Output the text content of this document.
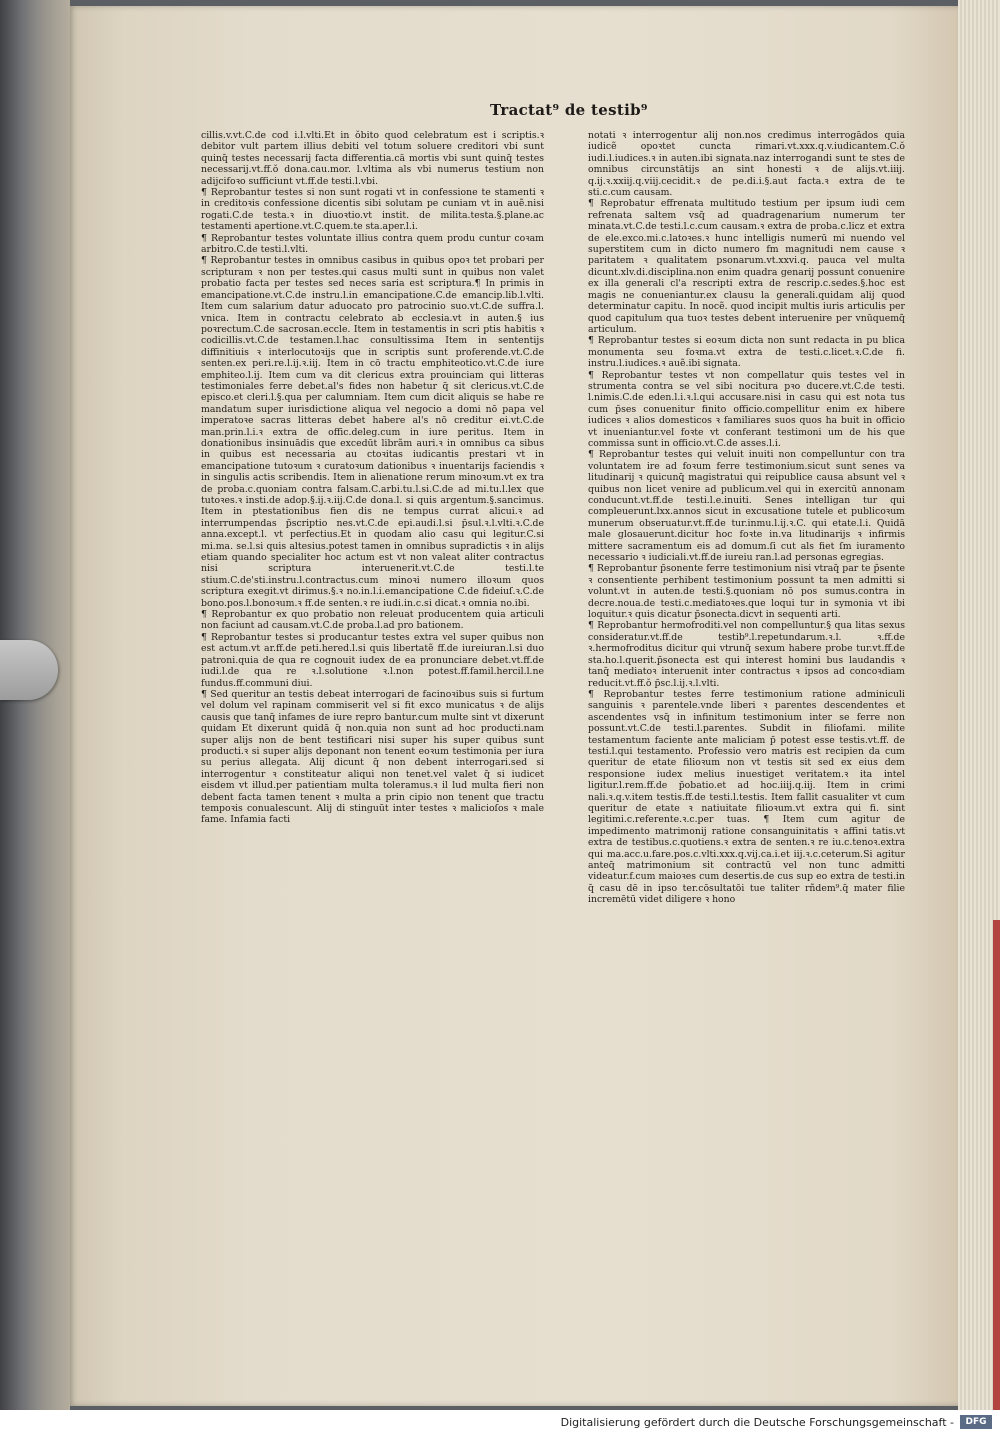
Tractat⁹ de testib⁹

cillis.v.vt.C.de cod i.l.vlti.Et in ŏbito quod celebratum est i scriptis.ꝛ debitor vult partem illius debiti vel totum soluere creditori vbi sunt quinq̄ testes necessarij facta differentia.cā mortis vbi sunt quinq̄ testes necessarij.vt.ff.ŏ dona.cau.mor. l.vltima als vbi numerus testium non adijcifoꝛo sufficiunt vt.ff.de testi.l.vbi.

¶ Reprobantur testes si non sunt rogati vt in confessione te stamenti ꝛ in creditoꝛis confessione dicentis sibi solutam pe cuniam vt in auẽ.nisi rogati.C.de testa.ꝛ in diuoꝛtio.vt instit. de milita.testa.§.plane.ac testamenti apertione.vt.C.quem.te sta.aper.l.i.

¶ Reprobantur testes voluntate illius contra quem produ cuntur coꝛam arbitro.C.de testi.l.vlti.

¶ Reprobantur testes in omnibus casibus in quibus opoꝛ tet probari per scripturam ꝛ non per testes.qui casus multi sunt in quibus non valet probatio facta per testes sed neces saria est scriptura.¶ In primis in emancipatione.vt.C.de instru.l.in emancipatione.C.de emancip.lib.l.vlti. Item cum salarium datur aduocato pro patrocinio suo.vt.C.de suffra.l. vnica. Item in contractu celebrato ab ecclesia.vt in auten.§ ius poꝛrectum.C.de sacrosan.eccle. Item in testamentis in scri ptis habitis ꝛ codicillis.vt.C.de testamen.l.hac consultissima Item in sententijs diffinitiuis ꝛ interlocutoꝛijs que in scriptis sunt proferende.vt.C.de senten.ex peri.re.l.ij.ꝛ.iij. Item in cō tractu emphiteotico.vt.C.de iure emphiteo.l.ij. Item cum va dit clericus extra prouinciam qui litteras testimoniales ferre debet.al's fides non habetur q̄ sit clericus.vt.C.de episco.et cleri.l.§.qua per calumniam. Item cum dicit aliquis se habe re mandatum super iurisdictione aliqua vel negocio a domi nō papa vel imperatoꝛe sacras litteras debet habere al's nō creditur ei.vt.C.de man.prin.l.i.ꝛ extra de offic.deleg.cum in iure peritus. Item in donationibus insinuādis que excedūt librãm auri.ꝛ in omnibus ca sibus in quibus est necessaria au ctoꝛitas iudicantis prestari vt in emancipatione tutoꝛum ꝛ curatoꝛum dationibus ꝛ inuentarijs faciendis ꝛ in singulis actis scribendis. Item in alienatione rerum minoꝛum.vt ex tra de proba.c.quoniam contra falsam.C.arbi.tu.l.si.C.de ad mi.tu.l.lex que tutoꝛes.ꝛ insti.de adop.§.ij.ꝛ.iij.C.de dona.l. si quis argentum.§.sancimus. Item in ptestationibus fien dis ne tempus currat alicui.ꝛ ad interrumpendas p̄scriptio nes.vt.C.de epi.audi.l.si p̄sul.ꝛ.l.vlti.ꝛ.C.de anna.except.l. vt perfectius.Et in quodam alio casu qui legitur.C.si mi.ma. se.l.si quis altesius.potest tamen in omnibus supradictis ꝛ in alijs etiam quando specialiter hoc actum est vt non valeat aliter contractus nisi scriptura interuenerit.vt.C.de testi.l.te stium.C.de'sti.instru.l.contractus.cum minoꝛi numero illoꝛum quos scriptura exegit.vt dirimus.§.ꝛ no.in.l.i.emancipatione C.de fideiuſ.ꝛ.C.de bono.pos.l.bonoꝛum.ꝛ ff.de senten.ꝛ re iudi.in.c.si dicat.ꝛ omnia no.ibi.

¶ Reprobantur ex quo probatio non releuat producentem quia articuli non faciunt ad causam.vt.C.de proba.l.ad pro bationem.

¶ Reprobantur testes si producantur testes extra vel super quibus non est actum.vt ar.ff.de peti.hered.l.si quis libertatẽ ff.de iureiuran.l.si duo patroni.quia de qua re cognouit iudex de ea pronunciare debet.vt.ff.de iudi.l.de qua re ꝛ.l.solutione ꝛ.l.non potest.ff.famil.hercil.l.ne fundus.ff.communi diui.

¶ Sed queritur an testis debeat interrogari de facinoꝛibus suis si furtum vel dolum vel rapinam commiserit vel si fit exco municatus ꝛ de alijs causis que tanq̄ infames de iure repro bantur.cum multe sint vt dixerunt quidam Et dixerunt quidā q̄ non.quia non sunt ad hoc producti.nam super alijs non de bent testificari nisi super his super quibus sunt producti.ꝛ si super alijs deponant non tenent eoꝛum testimonia per iura su perius allegata. Alij dicunt q̄ non debent interrogari.sed si interrogentur ꝛ constiteatur aliqui non tenet.vel valet q̄ si iudicet eisdem vt illud.per patientiam multa toleramus.ꝛ il lud multa fieri non debent facta tamen tenent ꝛ multa a prin cipio non tenent que tractu tempoꝛis conualescunt. Alij di stinguūt inter testes ꝛ malicioſos ꝛ male fame. Infamia facti

notati ꝛ interrogentur alij non.nos credimus interrogādos quia iudicẽ opoꝛtet cuncta rimari.vt.xxx.q.v.iudicantem.C.ŏ iudi.l.iudices.ꝛ in auten.ibi signata.naz interrogandi sunt te stes de omnibus circunstātijs an sint honesti ꝛ de alijs.vt.iiij. q.ij.ꝛ.xxiij.q.viij.cecidit.ꝛ de pe.di.i.§.aut facta.ꝛ extra de te sti.c.cum causam.

¶ Reprobatur effrenata multitudo testium per ipsum iudi cem refrenata saltem vsq̄ ad quadragenarium numerum ter minata.vt.C.de testi.l.c.cum causam.ꝛ extra de proba.c.licz et extra de ele.exco.mi.c.latoꝛes.ꝛ hunc intelligis numerū mi nuendo vel superstitem cum in dicto numero fm magnitudi nem cause ꝛ paritatem ꝛ qualitatem psonarum.vt.xxvi.q. pauca vel multa dicunt.xlv.di.disciplina.non enim quadra genarij possunt conuenire ex illa generali cl'a rescripti extra de rescrip.c.sedes.§.hoc est magis ne conueniantur.ex clausu la generali.quidam alij quod determinatur capitu. In nocẽ. quod incipit multis iuris articulis per quod capitulum qua tuoꝛ testes debent interuenire per vnūquemq̄ articulum.

¶ Reprobantur testes si eoꝛum dicta non sunt redacta in pu blica monumenta seu foꝛma.vt extra de testi.c.licet.ꝛ.C.de fi. instru.l.iudices.ꝛ auẽ.ibi signata.

¶ Reprobantur testes vt non compellatur quis testes vel in strumenta contra se vel sibi nocitura pꝛo ducere.vt.C.de testi. l.nimis.C.de eden.l.i.ꝛ.l.qui accusare.nisi in casu qui est nota tus cum p̄ses conuenitur finito officio.compellitur enim ex hibere iudices ꝛ alios domesticos ꝛ familiares suos quos ha buit in officio vt inueniantur.vel foꝛte vt conferant testimoni um de his que commissa sunt in officio.vt.C.de asses.l.i.

¶ Reprobantur testes qui veluit inuiti non compelluntur con tra voluntatem ire ad foꝛum ferre testimonium.sicut sunt senes va litudinarij ꝛ quicunq̄ magistratui qui reipublice causa absunt vel ꝛ quibus non licet venire ad publicum.vel qui in exercitū annonam conducunt.vt.ff.de testi.l.e.inuiti. Senes intelligan tur qui compleuerunt.lxx.annos sicut in excusatione tutele et publicoꝛum munerum obseruatur.vt.ff.de tur.inmu.l.ij.ꝛ.C. qui etate.l.i. Quidā male glosauerunt.dicitur hoc foꝛte in.va litudinarijs ꝛ infirmis mittere sacramentum eis ad domum.ſi cut als fiet ſm iuramento necessario ꝛ iudiciali.vt.ff.de iureiu ran.l.ad personas egregias.

¶ Reprobantur p̄sonente ferre testimonium nisi vtraq̄ par te p̄sente ꝛ consentiente perhibent testimonium possunt ta men admitti si volunt.vt in auten.de testi.§.quoniam nō pos sumus.contra in decre.noua.de testi.c.mediatoꝛes.que loqui tur in symonia vt ibi loquitur.ꝛ quis dicatur p̄sonecta.dicvt in sequenti arti.

¶ Reprobantur hermofroditi.vel non compelluntur.§ qua litas sexus consideratur.vt.ff.de testib⁹.l.repetundarum.ꝛ.l. ꝛ.ff.de ꝛ.hermofroditus dicitur qui vtrunq̄ sexum habere probe tur.vt.ff.de sta.ho.l.querit.p̄sonecta est qui interest homini bus laudandis ꝛ tanq̄ mediatoꝛ interuenit inter contractus ꝛ ipsos ad concoꝛdiam reducit.vt.ff.ŏ p̄sc.l.ij.ꝛ.l.vlti.

¶ Reprobantur testes ferre testimonium ratione adminiculi sanguinis ꝛ parentele.vnde liberi ꝛ parentes descendentes et ascendentes vsq̄ in infinitum testimonium inter se ferre non possunt.vt.C.de testi.l.parentes. Subdit in filiofami. milite testamentum faciente ante maliciam p̄ potest esse testis.vt.ff. de testi.l.qui testamento. Professio vero matris est recipien da cum queritur de etate filioꝛum non vt testis sit sed ex eius dem responsione iudex melius inuestiget veritatem.ꝛ ita intel ligitur.l.rem.ff.de p̄obatio.et ad hoc.iiij.q.iij. Item in crimi nali.ꝛ.q.v.item testis.ff.de testi.l.testis. Item fallit casualiter vt cum queritur de etate ꝛ natiuitate filioꝛum.vt extra qui fi. sint legitimi.c.referente.ꝛ.c.per tuas. ¶ Item cum agitur de impedimento matrimonij ratione consanguinitatis ꝛ affini tatis.vt extra de testibus.c.quotiens.ꝛ extra de senten.ꝛ re iu.c.tenoꝛ.extra qui ma.acc.u.fare.pos.c.vlti.xxx.q.vij.ca.i.et iij.ꝛ.c.ceterum.Si agitur anteq̄ matrimonium sit contractū vel non tunc admitti videatur.f.cum maioꝛes cum desertis.de cus sup eo extra de testi.in q̄ casu dē in ipso ter.cōsultatōi tue taliter rñdem⁹.q̄ mater filie incremētū videt diligere ꝛ hono

Digitalisierung gefördert durch die Deutsche Forschungsgemeinschaft -	DFG
